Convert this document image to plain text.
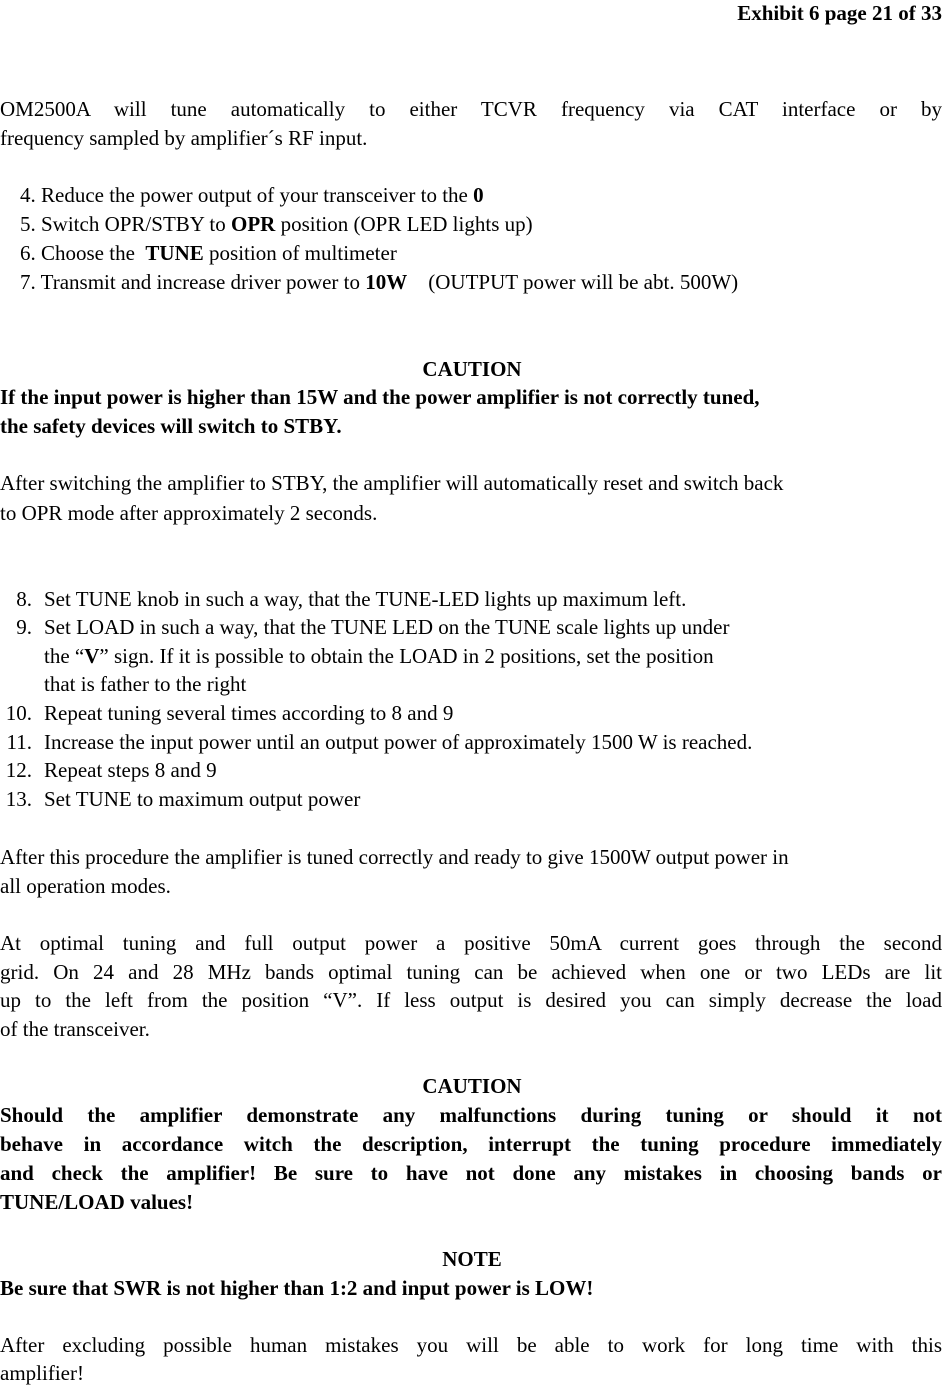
Exhibit 6 page 21 of 33
OM2500A will tune automatically to either TCVR frequency via CAT interface or by
frequency sampled by amplifier´s RF input.
4. Reduce the power output of your transceiver to the 0
5. Switch OPR/STBY to OPR position (OPR LED lights up)
6. Choose the  TUNE position of multimeter
7. Transmit and increase driver power to 10W    (OUTPUT power will be abt. 500W)
CAUTION
If the input power is higher than 15W and the power amplifier is not correctly tuned,
the safety devices will switch to STBY.
After switching the amplifier to STBY, the amplifier will automatically reset and switch back
to OPR mode after approximately 2 seconds.
8. Set TUNE knob in such a way, that the TUNE-LED lights up maximum left.
9. Set LOAD in such a way, that the TUNE LED on the TUNE scale lights up under
the “V” sign. If it is possible to obtain the LOAD in 2 positions, set the position
that is father to the right
10. Repeat tuning several times according to 8 and 9
11. Increase the input power until an output power of approximately 1500 W is reached.
12. Repeat steps 8 and 9
13. Set TUNE to maximum output power
After this procedure the amplifier is tuned correctly and ready to give 1500W output power in
all operation modes.
At optimal tuning and full output power a positive 50mA current goes through the second
grid. On 24 and 28 MHz bands optimal tuning can be achieved when one or two LEDs are lit
up to the left from the position “V”. If less output is desired you can simply decrease the load
of the transceiver.
CAUTION
Should the amplifier demonstrate any malfunctions during tuning or should it not
behave in accordance witch the description, interrupt the tuning procedure immediately
and check the amplifier! Be sure to have not done any mistakes in choosing bands or
TUNE/LOAD values!
NOTE
Be sure that SWR is not higher than 1:2 and input power is LOW!
After excluding possible human mistakes you will be able to work for long time with this
amplifier!
